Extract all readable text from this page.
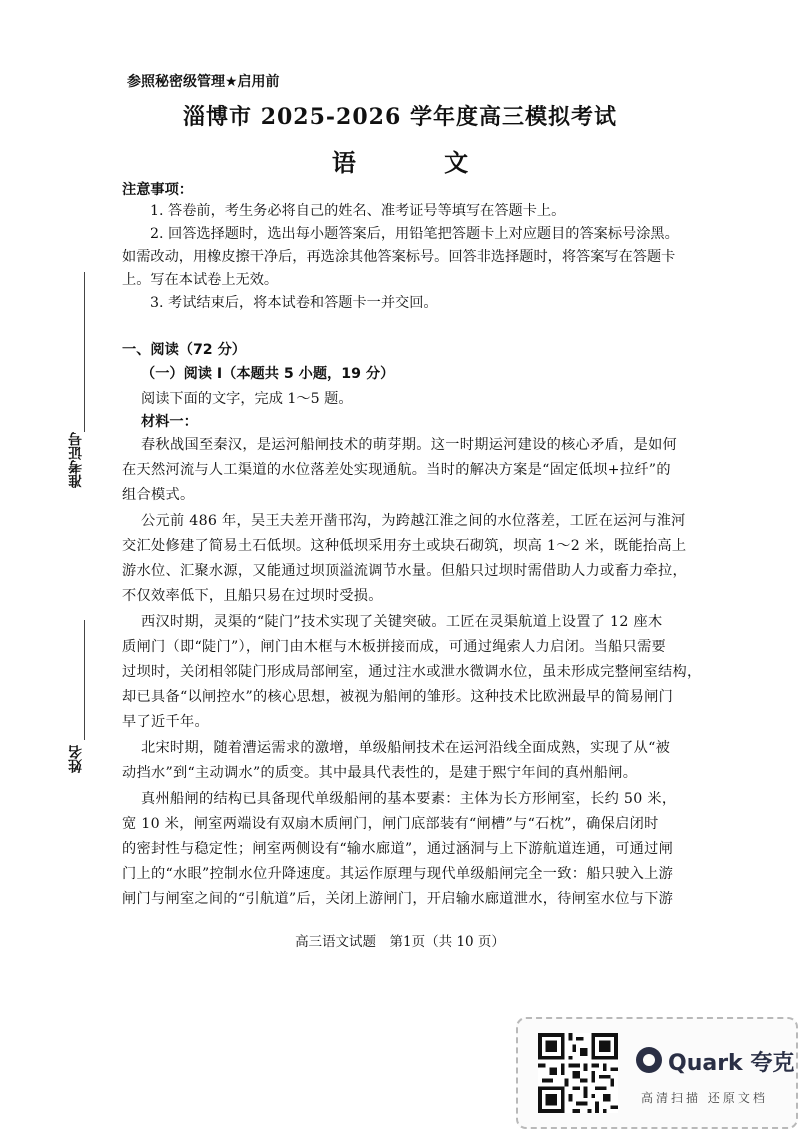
参照秘密级管理★启用前
淄博市 2025-2026 学年度高三模拟考试
语 文
注意事项：
1. 答卷前，考生务必将自己的姓名、准考证号等填写在答题卡上。
2. 回答选择题时，选出每小题答案后，用铅笔把答题卡上对应题目的答案标号涂黑。
如需改动，用橡皮擦干净后，再选涂其他答案标号。回答非选择题时，将答案写在答题卡
上。写在本试卷上无效。
3. 考试结束后，将本试卷和答题卡一并交回。
一、阅读（72 分）
（一）阅读 I（本题共 5 小题，19 分）
阅读下面的文字，完成 1～5 题。
材料一：
春秋战国至秦汉，是运河船闸技术的萌芽期。这一时期运河建设的核心矛盾，是如何
在天然河流与人工渠道的水位落差处实现通航。当时的解决方案是“固定低坝+拉纤”的
组合模式。
公元前 486 年，吴王夫差开凿邗沟，为跨越江淮之间的水位落差，工匠在运河与淮河
交汇处修建了简易土石低坝。这种低坝采用夯土或块石砌筑，坝高 1～2 米，既能抬高上
游水位、汇聚水源，又能通过坝顶溢流调节水量。但船只过坝时需借助人力或畜力牵拉，
不仅效率低下，且船只易在过坝时受损。
西汉时期，灵渠的“陡门”技术实现了关键突破。工匠在灵渠航道上设置了 12 座木
质闸门（即“陡门”），闸门由木框与木板拼接而成，可通过绳索人力启闭。当船只需要
过坝时，关闭相邻陡门形成局部闸室，通过注水或泄水微调水位，虽未形成完整闸室结构，
却已具备“以闸控水”的核心思想，被视为船闸的雏形。这种技术比欧洲最早的简易闸门
早了近千年。
北宋时期，随着漕运需求的激增，单级船闸技术在运河沿线全面成熟，实现了从“被
动挡水”到“主动调水”的质变。其中最具代表性的，是建于熙宁年间的真州船闸。
真州船闸的结构已具备现代单级船闸的基本要素：主体为长方形闸室，长约 50 米，
宽 10 米，闸室两端设有双扇木质闸门，闸门底部装有“闸槽”与“石枕”，确保启闭时
的密封性与稳定性；闸室两侧设有“输水廊道”，通过涵洞与上下游航道连通，可通过闸
门上的“水眼”控制水位升降速度。其运作原理与现代单级船闸完全一致：船只驶入上游
闸门与闸室之间的“引航道”后，关闭上游闸门，开启输水廊道泄水，待闸室水位与下游
准考证号
姓名
高三语文试题　第1页（共 10 页）
Quark 夸克
高清扫描 还原文档
